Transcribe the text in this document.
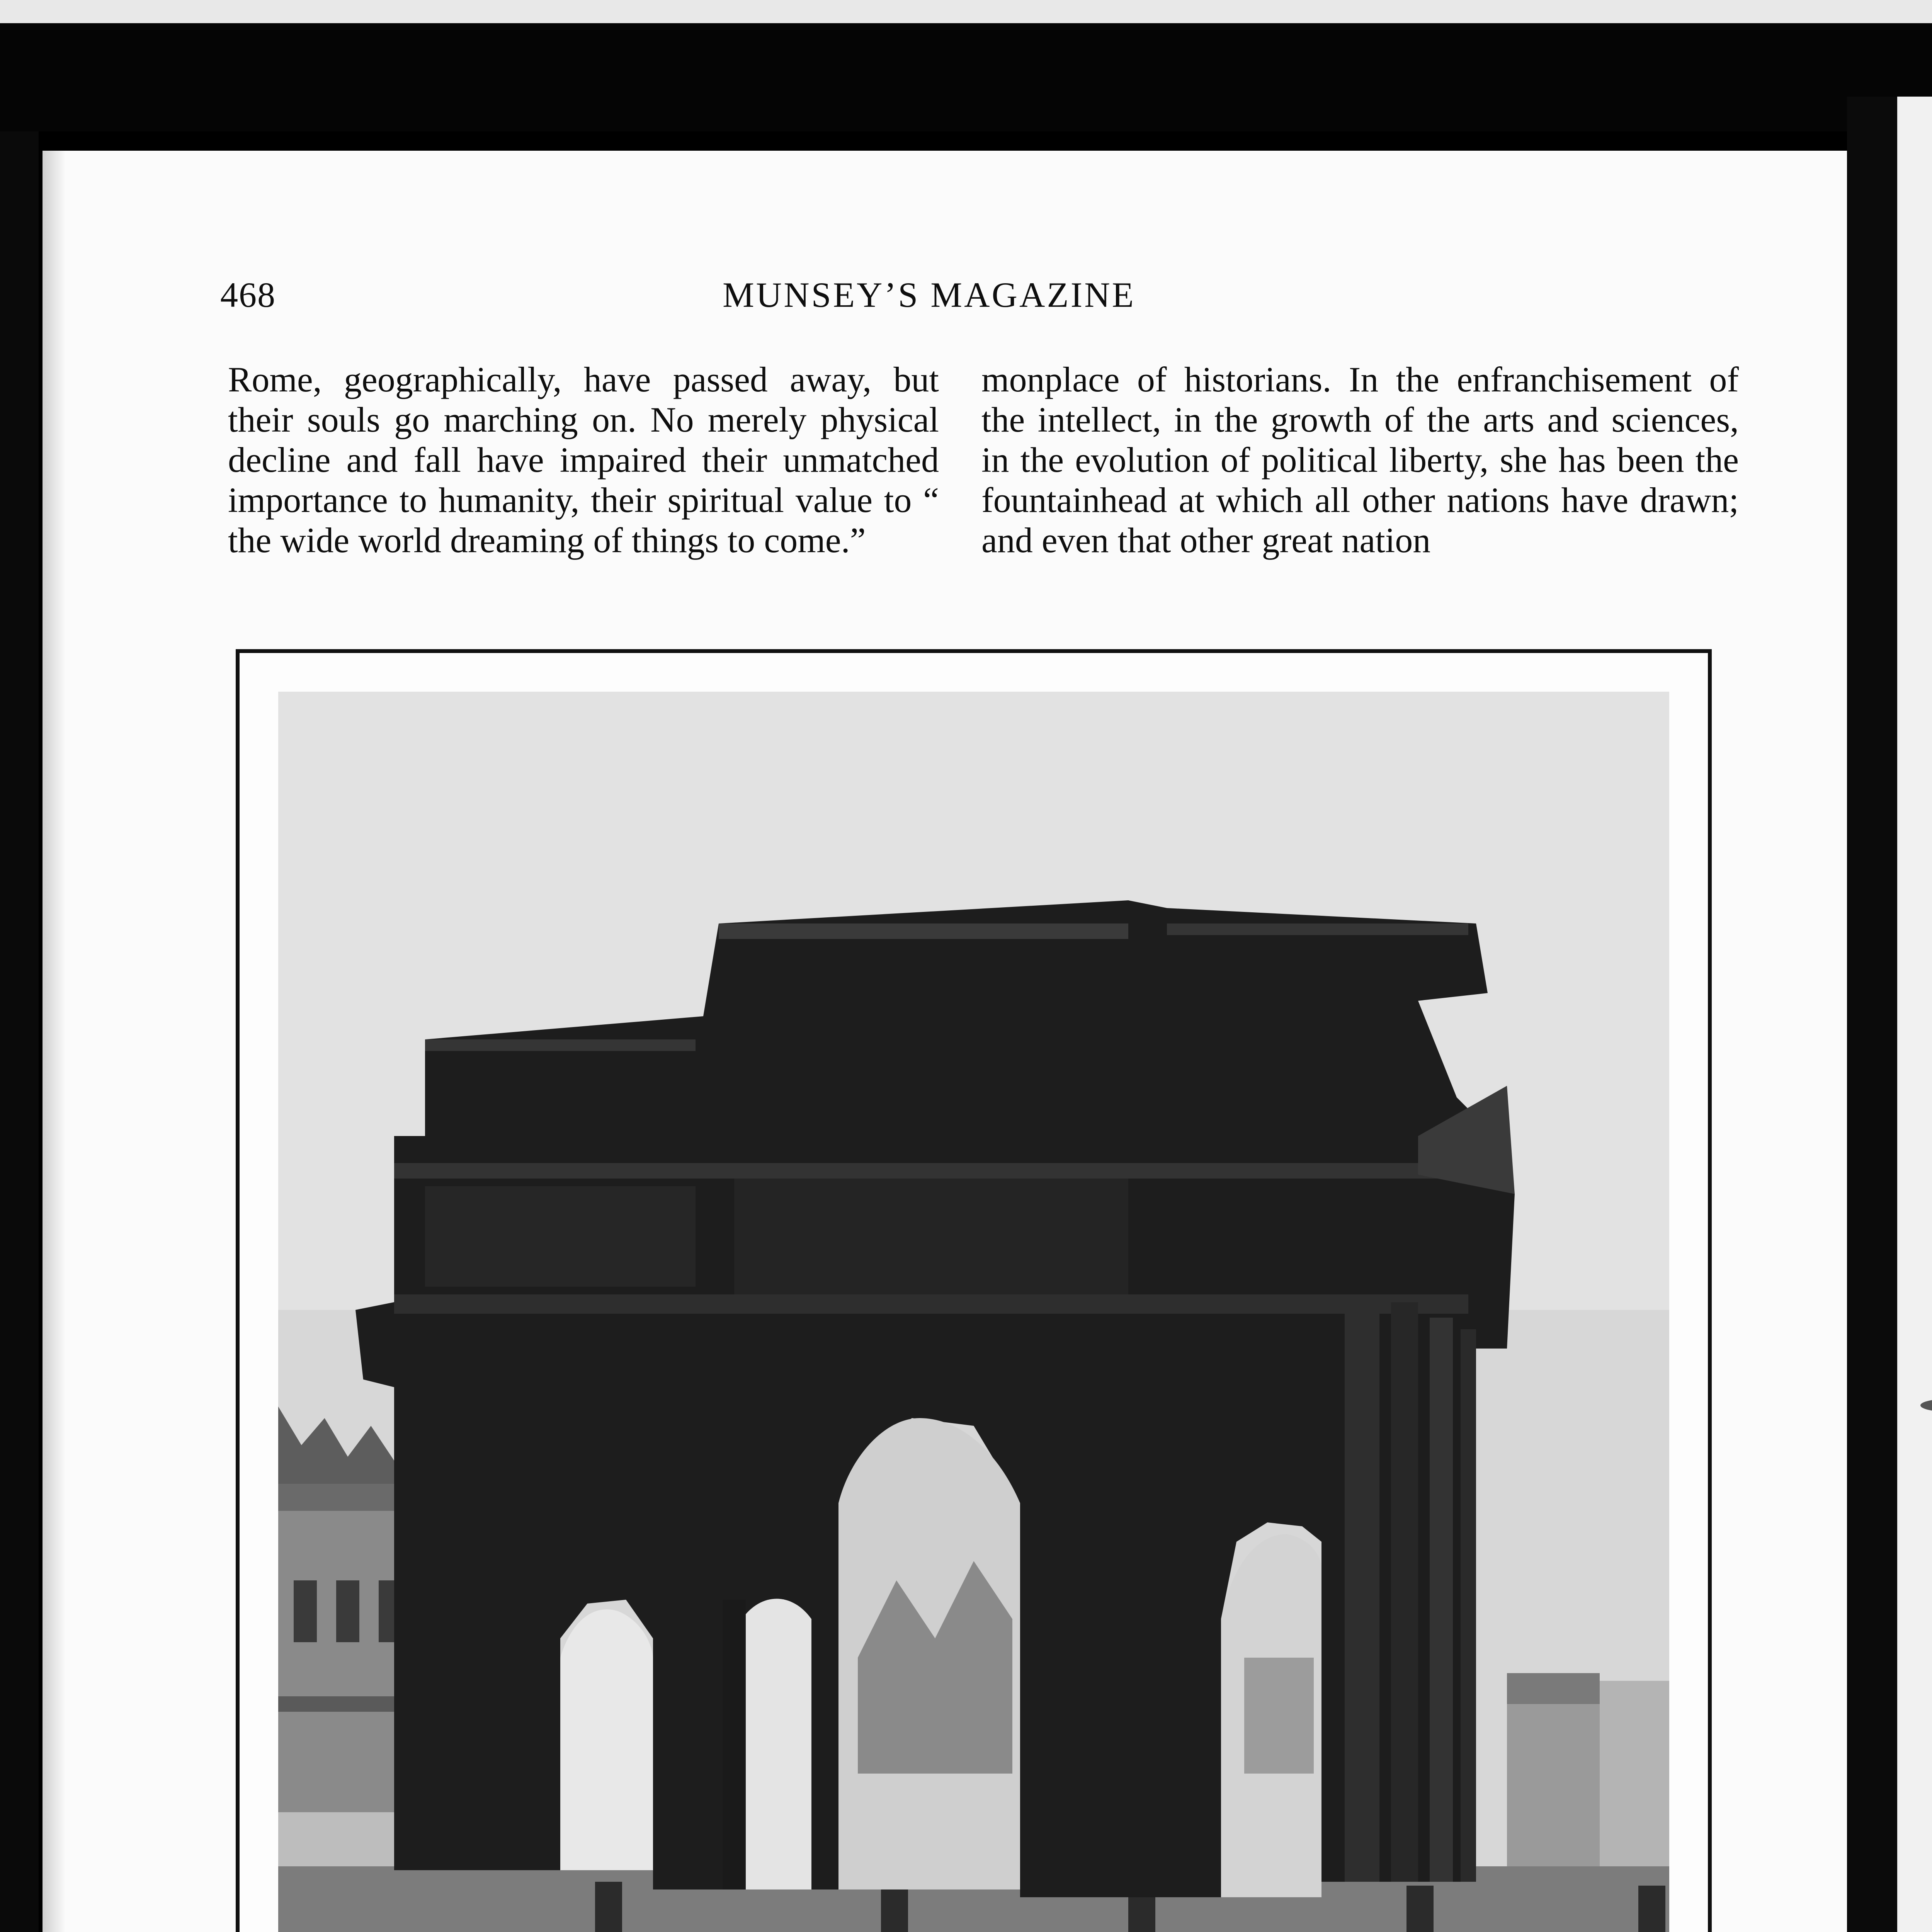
468	MUNSEY’S MAGAZINE

Rome, geographically, have passed away, but their souls go marching on. No merely physical decline and fall have impaired their unmatched importance to humanity, their spiritual value to “ the wide world dreaming of things to come.”

monplace of historians. In the enfranchisement of the intellect, in the growth of the arts and sciences, in the evolution of political liberty, she has been the fountainhead at which all other nations have drawn; and even that other great nation
